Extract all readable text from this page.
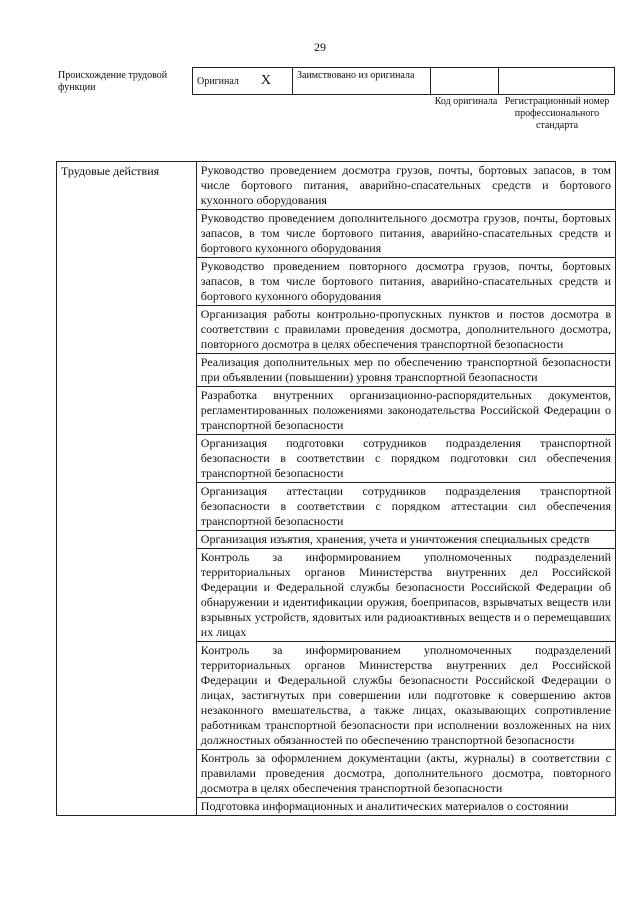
29
Происхождение трудовой функции
Оригинал X	Заимствовано из оригинала		
Код оригинала Регистрационный номер профессионального стандарта
Трудовые действия	Руководство проведением досмотра грузов, почты, бортовых запасов, в том числе бортового питания, аварийно-спасательных средств и бортового кухонного оборудования
Руководство проведением дополнительного досмотра грузов, почты, бортовых запасов, в том числе бортового питания, аварийно-спасательных средств и бортового кухонного оборудования
Руководство проведением повторного досмотра грузов, почты, бортовых запасов, в том числе бортового питания, аварийно-спасательных средств и бортового кухонного оборудования
Организация работы контрольно-пропускных пунктов и постов досмотра в соответствии с правилами проведения досмотра, дополнительного досмотра, повторного досмотра в целях обеспечения транспортной безопасности
Реализация дополнительных мер по обеспечению транспортной безопасности при объявлении (повышении) уровня транспортной безопасности
Разработка внутренних организационно-распорядительных документов, регламентированных положениями законодательства Российской Федерации о транспортной безопасности
Организация подготовки сотрудников подразделения транспортной безопасности в соответствии с порядком подготовки сил обеспечения транспортной безопасности
Организация аттестации сотрудников подразделения транспортной безопасности в соответствии с порядком аттестации сил обеспечения транспортной безопасности
Организация изъятия, хранения, учета и уничтожения специальных средств
Контроль за информированием уполномоченных подразделений территориальных органов Министерства внутренних дел Российской Федерации и Федеральной службы безопасности Российской Федерации об обнаружении и идентификации оружия, боеприпасов, взрывчатых веществ или взрывных устройств, ядовитых или радиоактивных веществ и о перемещавших их лицах
Контроль за информированием уполномоченных подразделений территориальных органов Министерства внутренних дел Российской Федерации и Федеральной службы безопасности Российской Федерации о лицах, застигнутых при совершении или подготовке к совершению актов незаконного вмешательства, а также лицах, оказывающих сопротивление работникам транспортной безопасности при исполнении возложенных на них должностных обязанностей по обеспечению транспортной безопасности
Контроль за оформлением документации (акты, журналы) в соответствии с правилами проведения досмотра, дополнительного досмотра, повторного досмотра в целях обеспечения транспортной безопасности
Подготовка информационных и аналитических материалов о состоянии
